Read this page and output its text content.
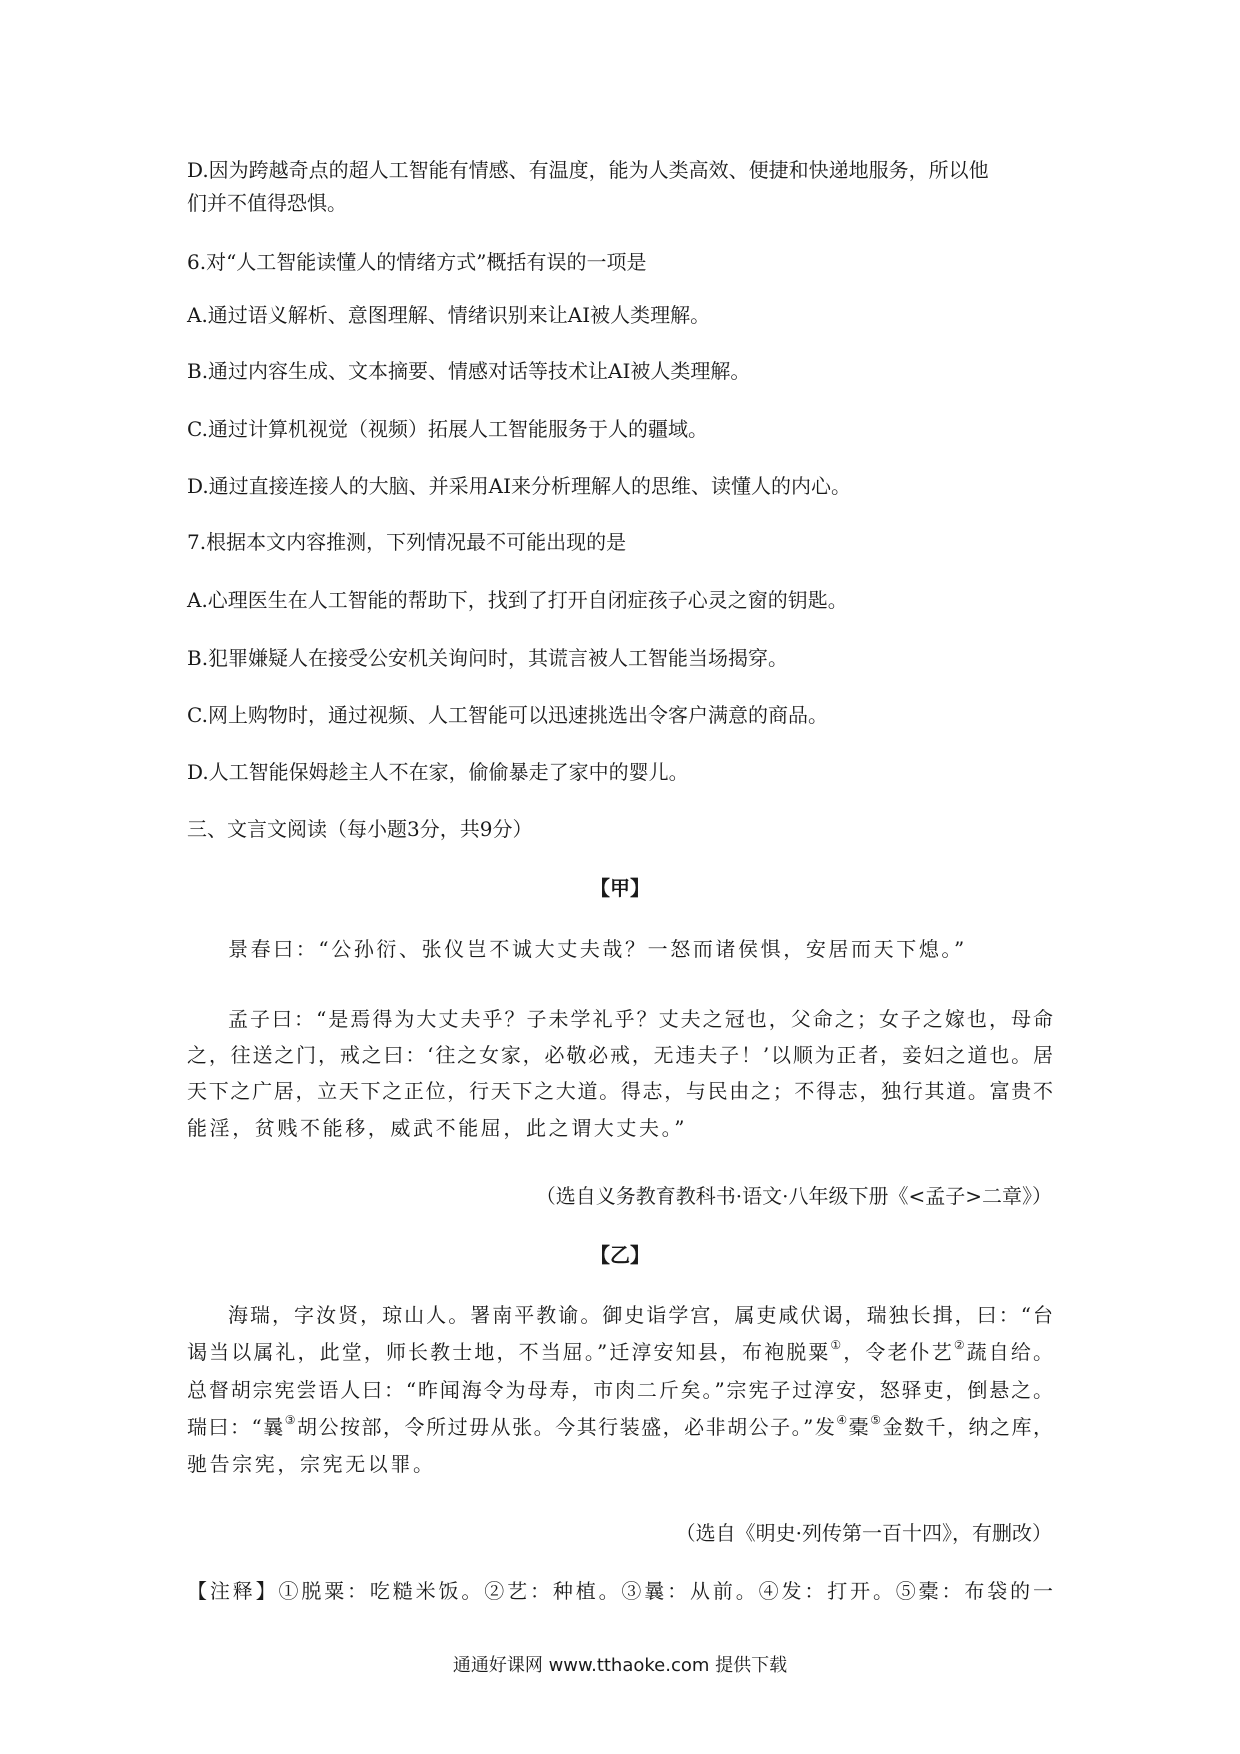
D.因为跨越奇点的超人工智能有情感、有温度，能为人类高效、便捷和快递地服务，所以他
们并不值得恐惧。
6.对“人工智能读懂人的情绪方式”概括有误的一项是
A.通过语义解析、意图理解、情绪识别来让AI被人类理解。
B.通过内容生成、文本摘要、情感对话等技术让AI被人类理解。
C.通过计算机视觉（视频）拓展人工智能服务于人的疆域。
D.通过直接连接人的大脑、并采用AI来分析理解人的思维、读懂人的内心。
7.根据本文内容推测，下列情况最不可能出现的是
A.心理医生在人工智能的帮助下，找到了打开自闭症孩子心灵之窗的钥匙。
B.犯罪嫌疑人在接受公安机关询问时，其谎言被人工智能当场揭穿。
C.网上购物时，通过视频、人工智能可以迅速挑选出令客户满意的商品。
D.人工智能保姆趁主人不在家，偷偷暴走了家中的婴儿。
三、文言文阅读（每小题3分，共9分）
【甲】
景春曰：“公孙衍、张仪岂不诚大丈夫哉？一怒而诸侯惧，安居而天下熄。”
孟子曰：“是焉得为大丈夫乎？子未学礼乎？丈夫之冠也，父命之；女子之嫁也，母命
之，往送之门，戒之曰：‘往之女家，必敬必戒，无违夫子！’以顺为正者，妾妇之道也。居
天下之广居，立天下之正位，行天下之大道。得志，与民由之；不得志，独行其道。富贵不
能淫，贫贱不能移，威武不能屈，此之谓大丈夫。”
（选自义务教育教科书·语文·八年级下册《<孟子>二章》）
【乙】
海瑞，字汝贤，琼山人。署南平教谕。御史诣学宫，属吏咸伏谒，瑞独长揖，曰：“台
谒当以属礼，此堂，师长教士地，不当屈。”迁淳安知县，布袍脱粟①，令老仆艺②蔬自给。
总督胡宗宪尝语人曰：“昨闻海令为母寿，市肉二斤矣。”宗宪子过淳安，怒驿吏，倒悬之。
瑞曰：“曩③胡公按部，令所过毋从张。今其行装盛，必非胡公子。”发④橐⑤金数千，纳之库，
驰告宗宪，宗宪无以罪。
（选自《明史·列传第一百十四》，有删改）
【注释】①脱粟：吃糙米饭。②艺：种植。③曩：从前。④发：打开。⑤橐：布袋的一
通通好课网 www.tthaoke.com 提供下载
